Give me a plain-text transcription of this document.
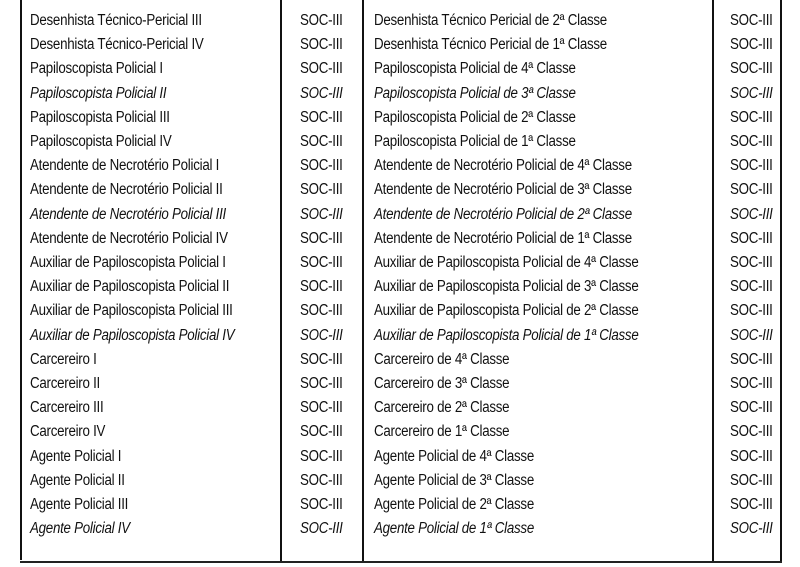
Desenhista Técnico-Pericial III	SOC-III Desenhista Técnico Pericial de 2ª Classe	SOC-III
Desenhista Técnico-Pericial IV	SOC-III Desenhista Técnico Pericial de 1ª Classe	SOC-III
Papiloscopista Policial I	SOC-III Papiloscopista Policial de 4ª Classe	SOC-III
Papiloscopista Policial II	SOC-III Papiloscopista Policial de 3ª Classe	SOC-III
Papiloscopista Policial III	SOC-III Papiloscopista Policial de 2ª Classe	SOC-III
Papiloscopista Policial IV	SOC-III Papiloscopista Policial de 1ª Classe	SOC-III
Atendente de Necrotério Policial I	SOC-III Atendente de Necrotério Policial de 4ª Classe	SOC-III
Atendente de Necrotério Policial II	SOC-III Atendente de Necrotério Policial de 3ª Classe	SOC-III
Atendente de Necrotério Policial III	SOC-III Atendente de Necrotério Policial de 2ª Classe	SOC-III
Atendente de Necrotério Policial IV	SOC-III Atendente de Necrotério Policial de 1ª Classe	SOC-III
Auxiliar de Papiloscopista Policial I	SOC-III Auxiliar de Papiloscopista Policial de 4ª Classe	SOC-III
Auxiliar de Papiloscopista Policial II	SOC-III Auxiliar de Papiloscopista Policial de 3ª Classe	SOC-III
Auxiliar de Papiloscopista Policial III	SOC-III Auxiliar de Papiloscopista Policial de 2ª Classe	SOC-III
Auxiliar de Papiloscopista Policial IV	SOC-III Auxiliar de Papiloscopista Policial de 1ª Classe	SOC-III
Carcereiro I	SOC-III Carcereiro de 4ª Classe	SOC-III
Carcereiro II	SOC-III Carcereiro de 3ª Classe	SOC-III
Carcereiro III	SOC-III Carcereiro de 2ª Classe	SOC-III
Carcereiro IV	SOC-III Carcereiro de 1ª Classe	SOC-III
Agente Policial I	SOC-III Agente Policial de 4ª Classe	SOC-III
Agente Policial II	SOC-III Agente Policial de 3ª Classe	SOC-III
Agente Policial III	SOC-III Agente Policial de 2ª Classe	SOC-III
Agente Policial IV	SOC-III Agente Policial de 1ª Classe	SOC-III
